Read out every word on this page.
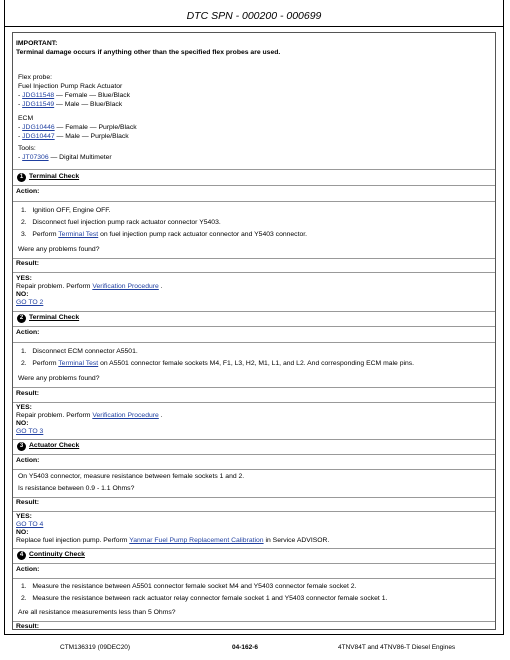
DTC SPN - 000200 - 000699
IMPORTANT:
Terminal damage occurs if anything other than the specified flex probes are used.
Flex probe:
Fuel Injection Pump Rack Actuator
- JDG11548 — Female — Blue/Black
- JDG11549 — Male — Blue/Black
ECM
- JDG10446 — Female — Purple/Black
- JDG10447 — Male — Purple/Black
Tools:
- JT07306 — Digital Multimeter
1 Terminal Check
Action:
1.   Ignition OFF, Engine OFF.
2.   Disconnect fuel injection pump rack actuator connector Y5403.
3.   Perform Terminal Test on fuel injection pump rack actuator connector and Y5403 connector.
Were any problems found?
Result:
YES:
Repair problem. Perform Verification Procedure .
NO:
GO TO 2
2 Terminal Check
Action:
1.   Disconnect ECM connector A5501.
2.   Perform Terminal Test on A5501 connector female sockets M4, F1, L3, H2, M1, L1, and L2. And corresponding ECM male pins.
Were any problems found?
Result:
YES:
Repair problem. Perform Verification Procedure .
NO:
GO TO 3
3 Actuator Check
Action:
On Y5403 connector, measure resistance between female sockets 1 and 2.
Is resistance between 0.9 - 1.1 Ohms?
Result:
YES:
GO TO 4
NO:
Replace fuel injection pump. Perform Yanmar Fuel Pump Replacement Calibration in Service ADVISOR.
4 Continuity Check
Action:
1.   Measure the resistance between A5501 connector female socket M4 and Y5403 connector female socket 2.
2.   Measure the resistance between rack actuator relay connector female socket 1 and Y5403 connector female socket 1.
Are all resistance measurements less than 5 Ohms?
Result:
CTM136319 (09DEC20)	04-162-6	4TNV84T and 4TNV86-T Diesel Engines
